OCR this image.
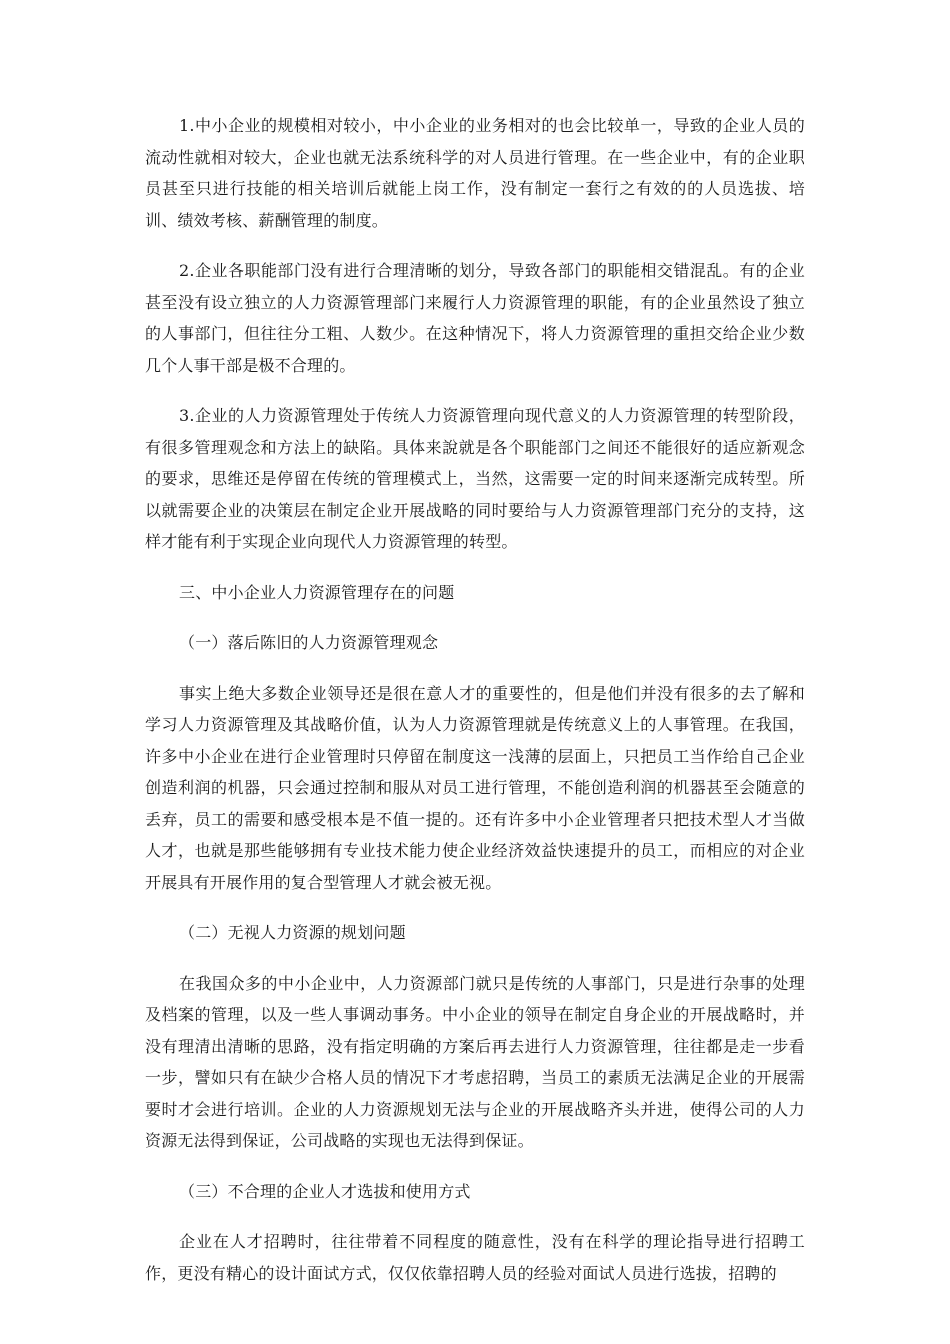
1.中小企业的规模相对较小，中小企业的业务相对的也会比较单一，导致的企业人员的流动性就相对较大，企业也就无法系统科学的对人员进行管理。在一些企业中，有的企业职员甚至只进行技能的相关培训后就能上岗工作，没有制定一套行之有效的的人员选拔、培训、绩效考核、薪酬管理的制度。

2.企业各职能部门没有进行合理清晰的划分，导致各部门的职能相交错混乱。有的企业甚至没有设立独立的人力资源管理部门来履行人力资源管理的职能，有的企业虽然设了独立的人事部门，但往往分工粗、人数少。在这种情况下，将人力资源管理的重担交给企业少数几个人事干部是极不合理的。

3.企业的人力资源管理处于传统人力资源管理向现代意义的人力资源管理的转型阶段，有很多管理观念和方法上的缺陷。具体来說就是各个职能部门之间还不能很好的适应新观念的要求，思维还是停留在传统的管理模式上，当然，这需要一定的时间来逐渐完成转型。所以就需要企业的决策层在制定企业开展战略的同时要给与人力资源管理部门充分的支持，这样才能有利于实现企业向现代人力资源管理的转型。

三、中小企业人力资源管理存在的问题

（一）落后陈旧的人力资源管理观念

事实上绝大多数企业领导还是很在意人才的重要性的，但是他们并没有很多的去了解和学习人力资源管理及其战略价值，认为人力资源管理就是传统意义上的人事管理。在我国，许多中小企业在进行企业管理时只停留在制度这一浅薄的层面上，只把员工当作给自己企业创造利润的机器，只会通过控制和服从对员工进行管理，不能创造利润的机器甚至会随意的丢弃，员工的需要和感受根本是不值一提的。还有许多中小企业管理者只把技术型人才当做人才，也就是那些能够拥有专业技术能力使企业经济效益快速提升的员工，而相应的对企业开展具有开展作用的复合型管理人才就会被无视。

（二）无视人力资源的规划问题

在我国众多的中小企业中，人力资源部门就只是传统的人事部门，只是进行杂事的处理及档案的管理，以及一些人事调动事务。中小企业的领导在制定自身企业的开展战略时，并没有理清出清晰的思路，没有指定明确的方案后再去进行人力资源管理，往往都是走一步看一步，譬如只有在缺少合格人员的情况下才考虑招聘，当员工的素质无法满足企业的开展需要时才会进行培训。企业的人力资源规划无法与企业的开展战略齐头并进，使得公司的人力资源无法得到保证，公司战略的实现也无法得到保证。

（三）不合理的企业人才选拔和使用方式

企业在人才招聘时，往往带着不同程度的随意性，没有在科学的理论指导进行招聘工作，更没有精心的设计面试方式，仅仅依靠招聘人员的经验对面试人员进行选拔，招聘的
